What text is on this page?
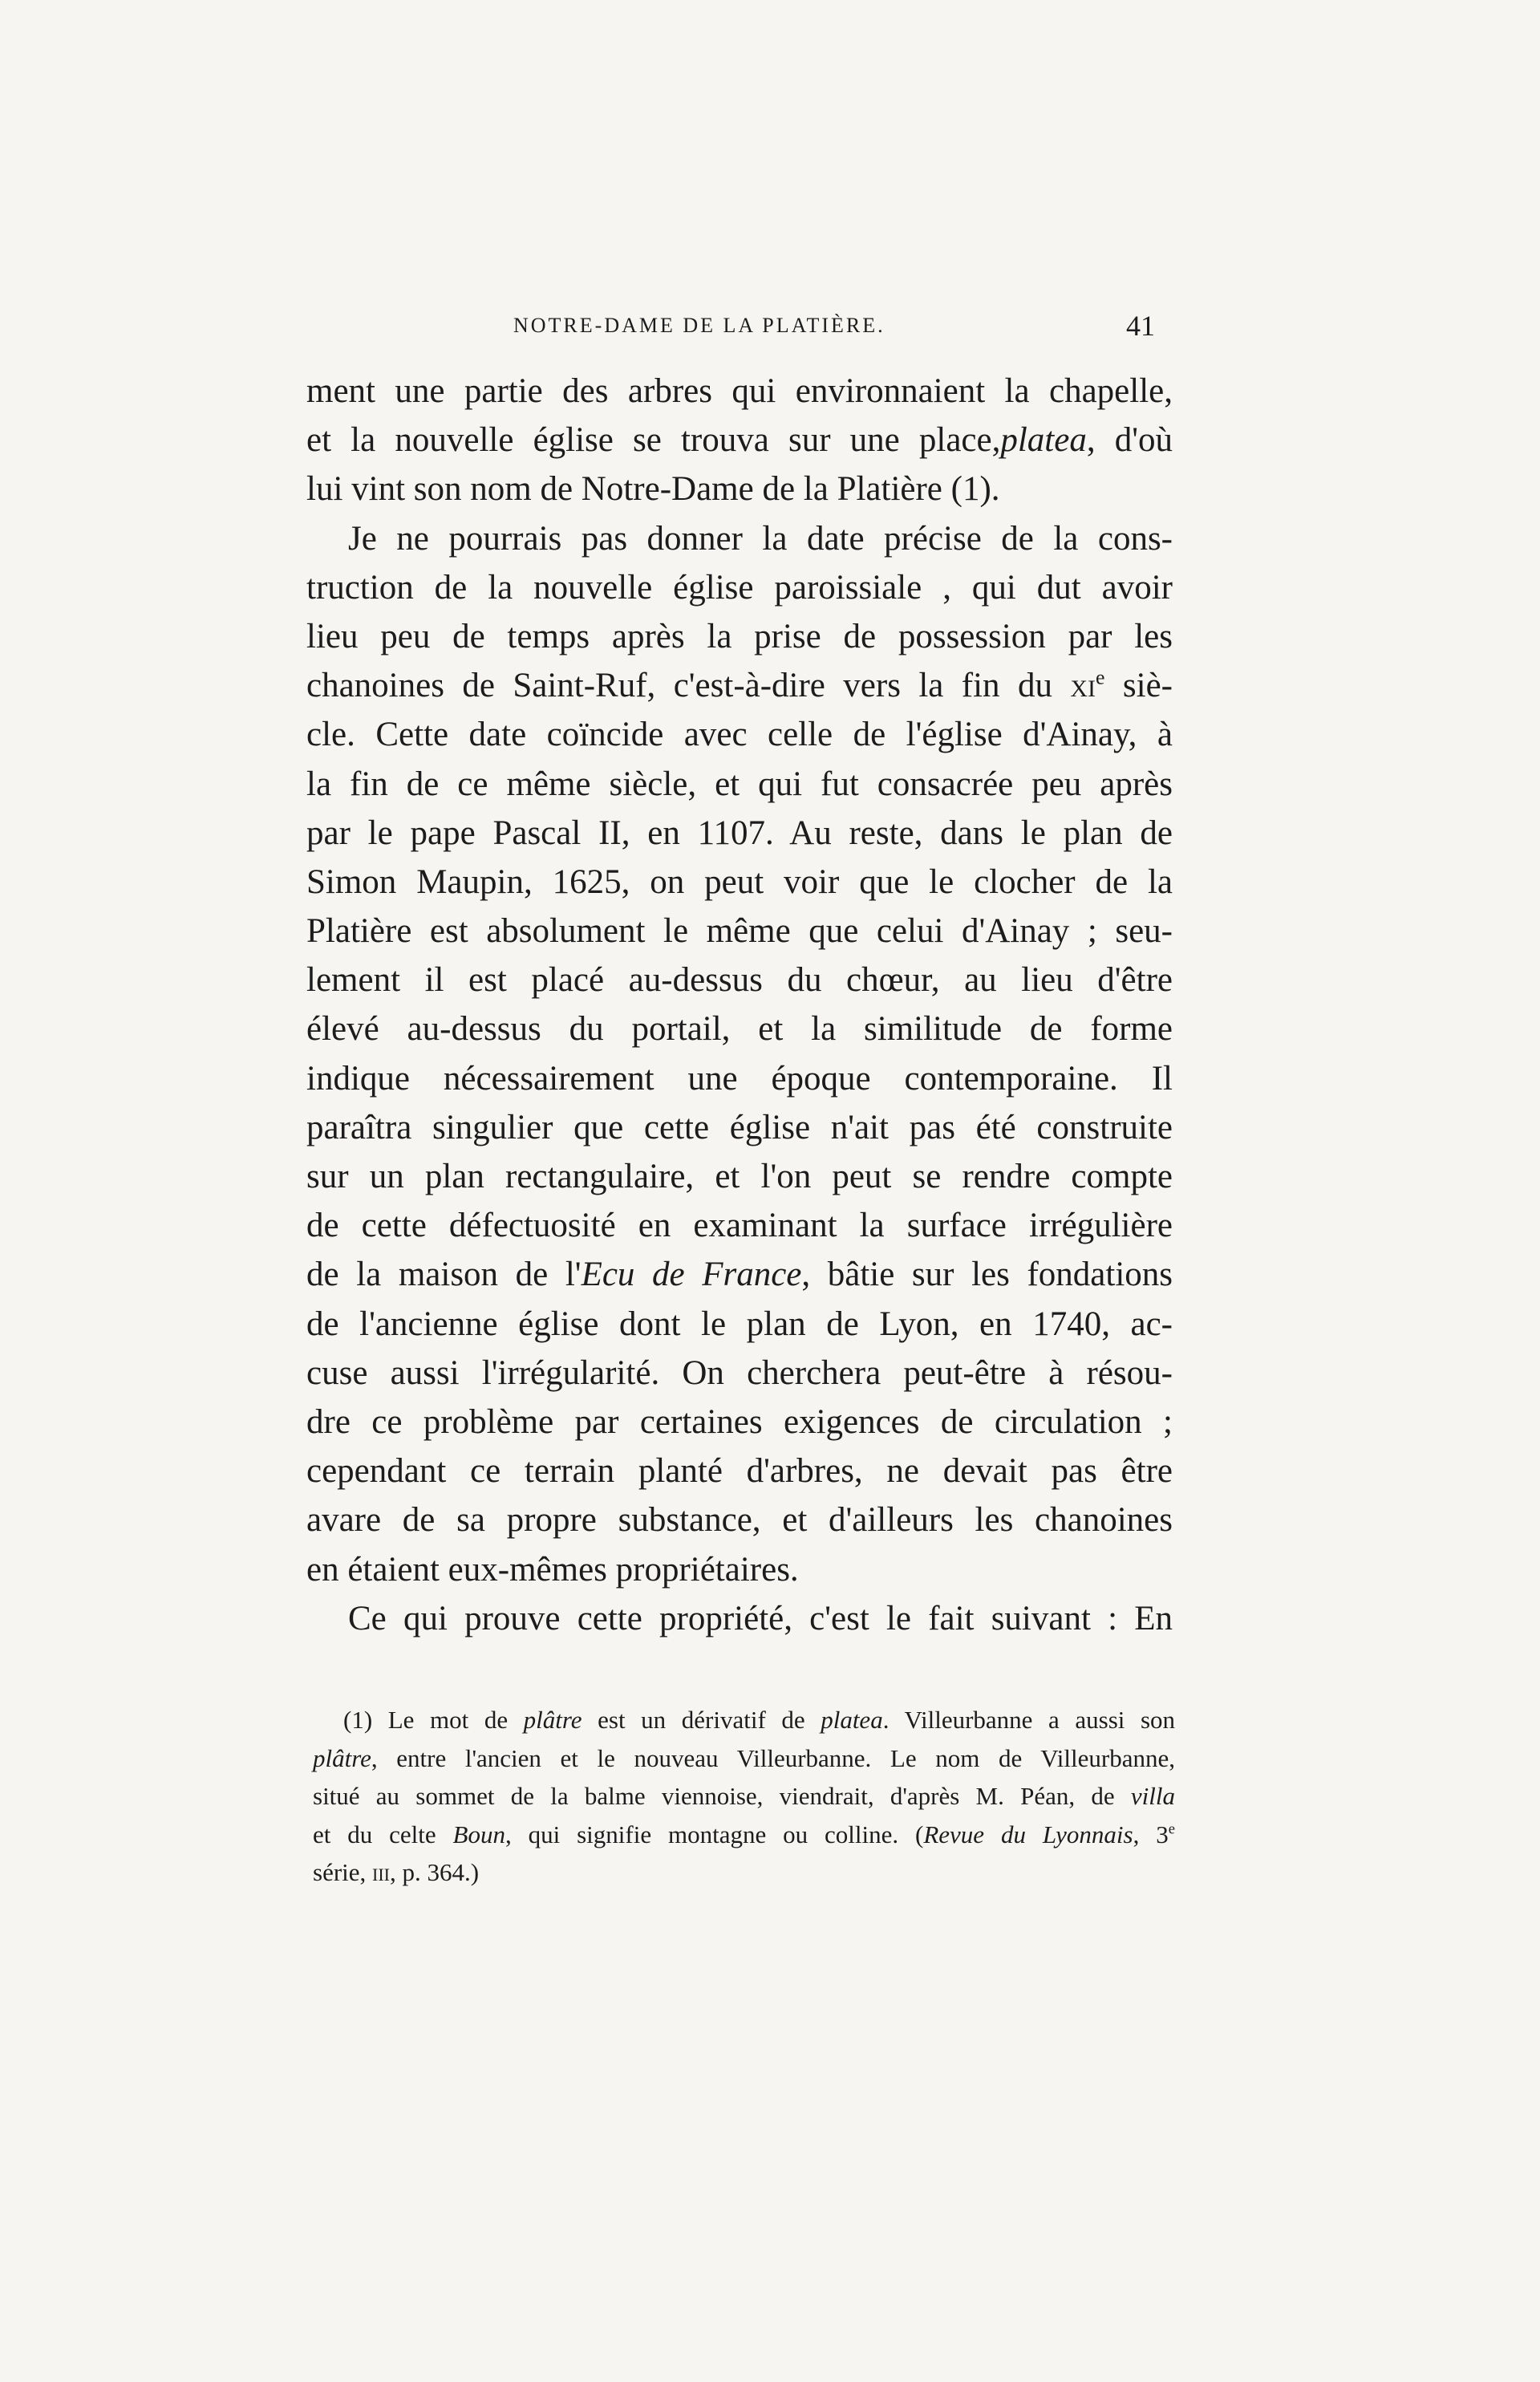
NOTRE-DAME DE LA PLATIÈRE.	41
ment une partie des arbres qui environnaient la chapelle,
et la nouvelle église se trouva sur une place,platea, d'où
lui vint son nom de Notre-Dame de la Platière (1).
Je ne pourrais pas donner la date précise de la cons-
truction de la nouvelle église paroissiale , qui dut avoir
lieu peu de temps après la prise de possession par les
chanoines de Saint-Ruf, c'est-à-dire vers la fin du $xi^e$ siè-
cle. Cette date coïncide avec celle de l'église d'Ainay, à
la fin de ce même siècle, et qui fut consacrée peu après
par le pape Pascal II, en 1107. Au reste, dans le plan de
Simon Maupin, 1625, on peut voir que le clocher de la
Platière est absolument le même que celui d'Ainay ; seu-
lement il est placé au-dessus du chœur, au lieu d'être
élevé au-dessus du portail, et la similitude de forme
indique nécessairement une époque contemporaine. Il
paraîtra singulier que cette église n'ait pas été construite
sur un plan rectangulaire, et l'on peut se rendre compte
de cette défectuosité en examinant la surface irrégulière
de la maison de l'Ecu de France, bâtie sur les fondations
de l'ancienne église dont le plan de Lyon, en 1740, ac-
cuse aussi l'irrégularité. On cherchera peut-être à résou-
dre ce problème par certaines exigences de circulation ;
cependant ce terrain planté d'arbres, ne devait pas être
avare de sa propre substance, et d'ailleurs les chanoines
en étaient eux-mêmes propriétaires.
Ce qui prouve cette propriété, c'est le fait suivant : En
(1) Le mot de plâtre est un dérivatif de platea. Villeurbanne a aussi son
plâtre, entre l'ancien et le nouveau Villeurbanne. Le nom de Villeurbanne,
situé au sommet de la balme viennoise, viendrait, d'après M. Péan, de villa
et du celte Boun, qui signifie montagne ou colline. (Revue du Lyonnais, 3e
série, iii, p. 364.)
